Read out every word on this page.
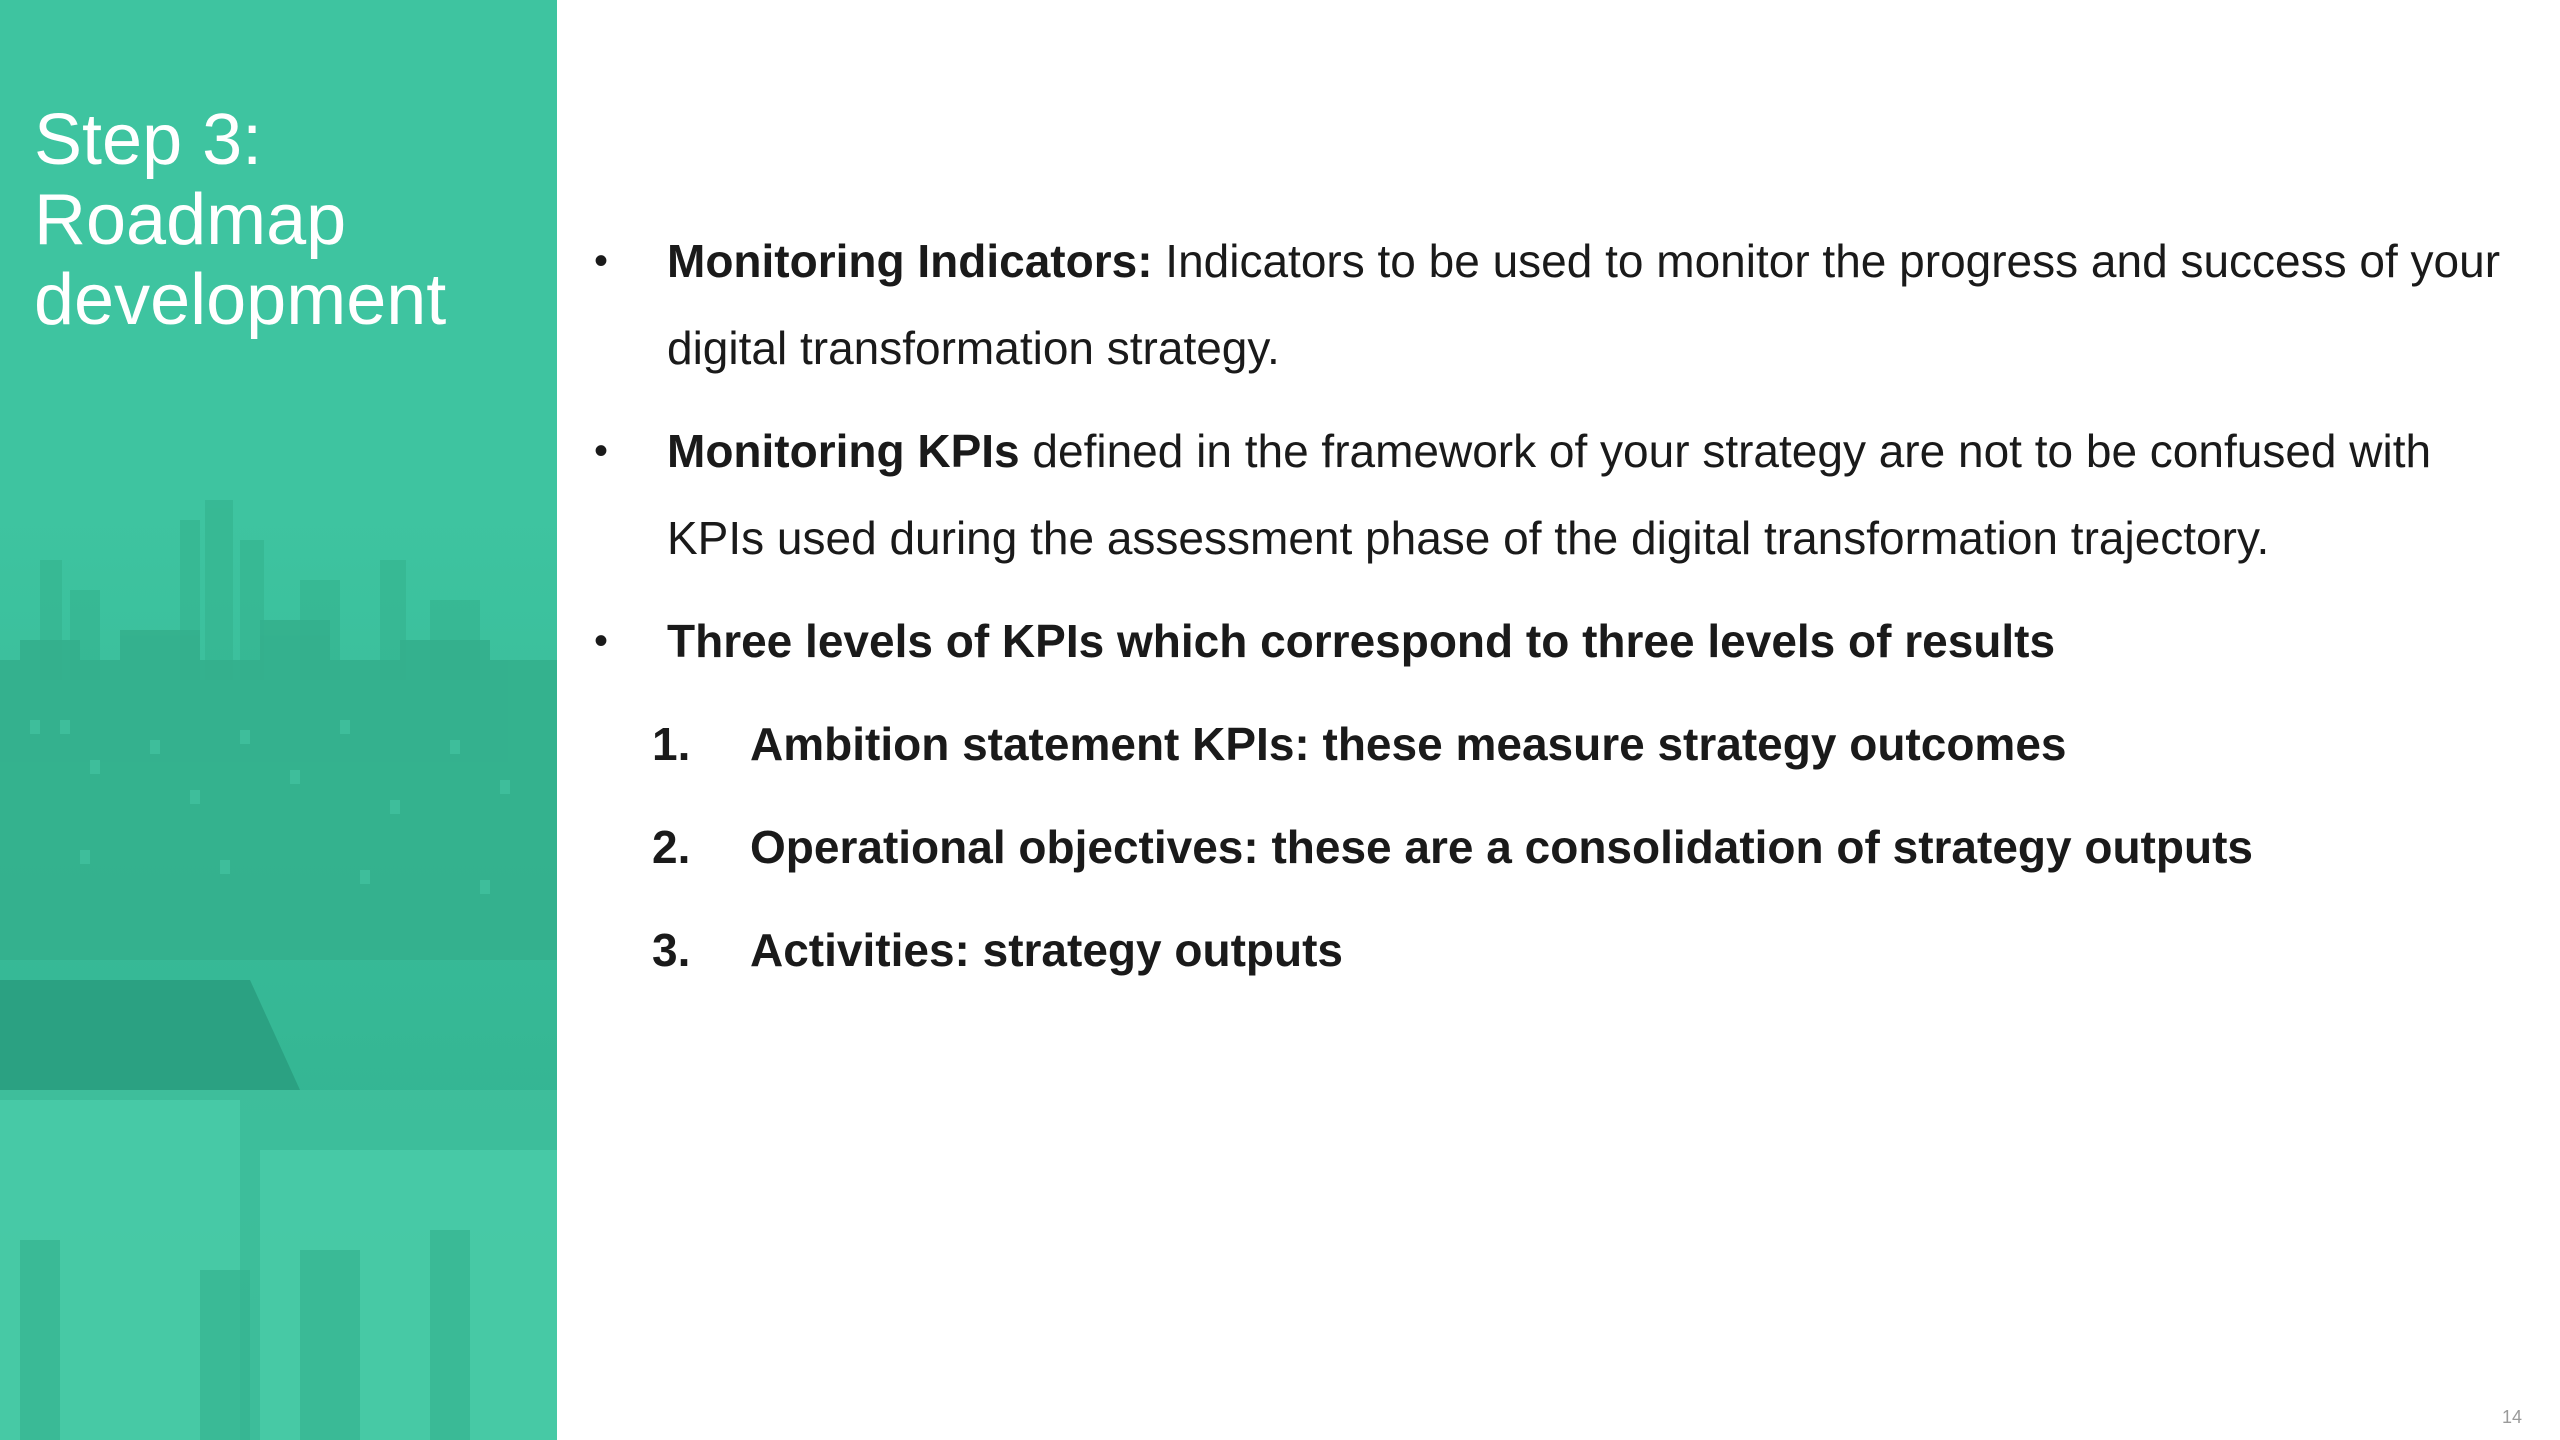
Step 3:
Roadmap
development	• Monitoring Indicators: Indicators to be used to monitor the progress and success of your digital transformation strategy.
• Monitoring KPIs defined in the framework of your strategy are not to be confused with KPIs used during the assessment phase of the digital transformation trajectory.
• Three levels of KPIs which correspond to three levels of results
1. Ambition statement KPIs: these measure strategy outcomes
2. Operational objectives: these are a consolidation of strategy outputs
3. Activities: strategy outputs
14
